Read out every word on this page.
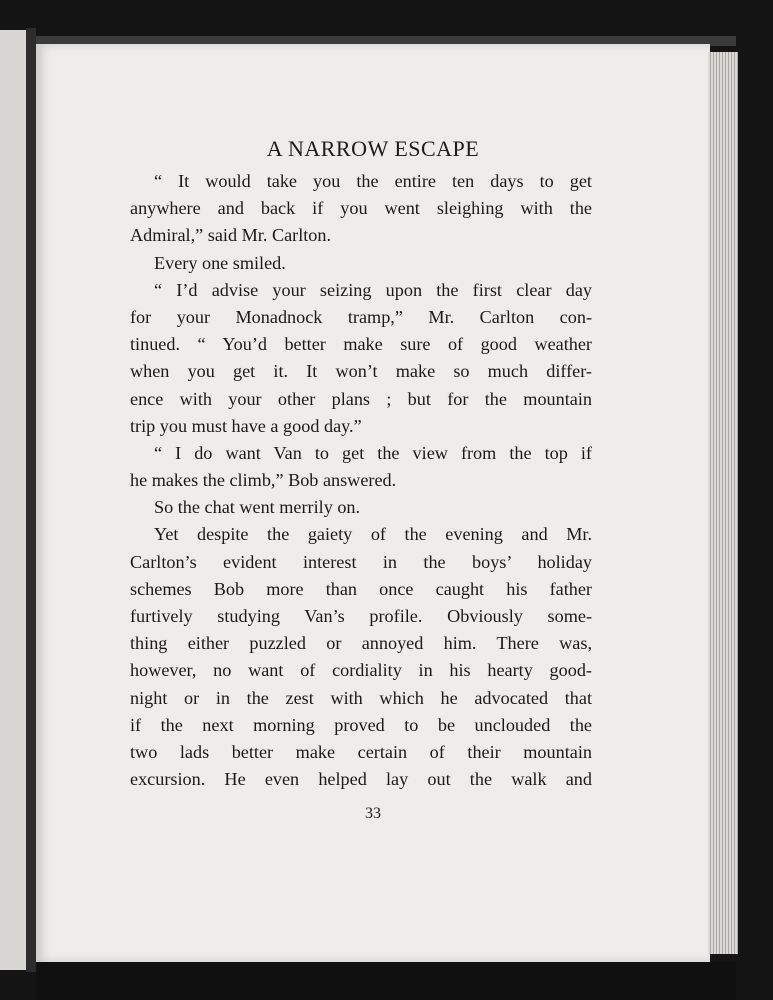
A NARROW ESCAPE
“ It would take you the entire ten days to get
anywhere and back if you went sleighing with the
Admiral,” said Mr. Carlton.
Every one smiled.
“ I’d advise your seizing upon the first clear day
for your Monadnock tramp,” Mr. Carlton con-
tinued. “ You’d better make sure of good weather
when you get it. It won’t make so much differ-
ence with your other plans ; but for the mountain
trip you must have a good day.”
“ I do want Van to get the view from the top if
he makes the climb,” Bob answered.
So the chat went merrily on.
Yet despite the gaiety of the evening and Mr.
Carlton’s evident interest in the boys’ holiday
schemes Bob more than once caught his father
furtively studying Van’s profile. Obviously some-
thing either puzzled or annoyed him. There was,
however, no want of cordiality in his hearty good-
night or in the zest with which he advocated that
if the next morning proved to be unclouded the
two lads better make certain of their mountain
excursion. He even helped lay out the walk and
33
